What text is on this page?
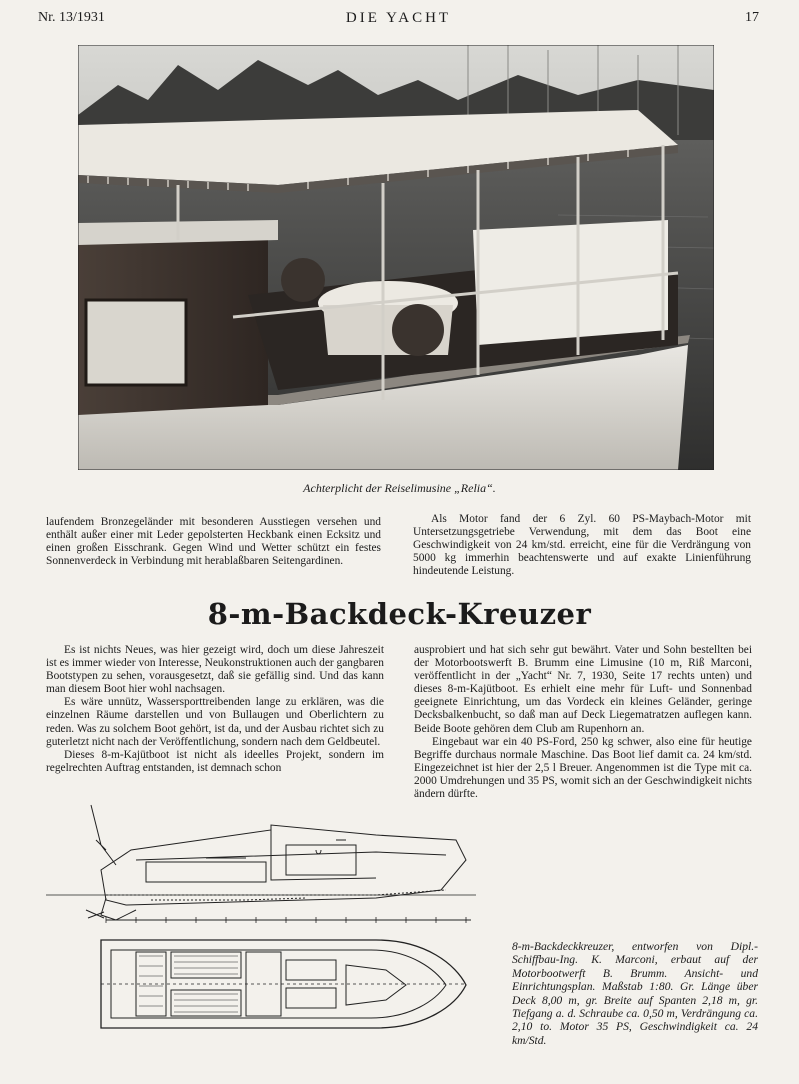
Nr. 13/1931	DIE YACHT	17
Achterplicht der Reiselimusine „Relia“.

laufendem Bronzegeländer mit besonderen Ausstiegen versehen und enthält außer einer mit Leder gepolsterten Heckbank einen Ecksitz und einen großen Eisschrank. Gegen Wind und Wetter schützt ein festes Sonnenverdeck in Verbindung mit herablaßbaren Seitengardinen.

Als Motor fand der 6 Zyl. 60 PS-Maybach-Motor mit Untersetzungsgetriebe Verwendung, mit dem das Boot eine Geschwindigkeit von 24 km/std. erreicht, eine für die Verdrängung von 5000 kg immerhin beachtenswerte und auf exakte Linienführung hindeutende Leistung.

8-m-Backdeck-Kreuzer

Es ist nichts Neues, was hier gezeigt wird, doch um diese Jahreszeit ist es immer wieder von Interesse, Neukonstruktionen auch der gangbaren Bootstypen zu sehen, vorausgesetzt, daß sie gefällig sind. Und das kann man diesem Boot hier wohl nachsagen.

Es wäre unnütz, Wassersporttreibenden lange zu erklären, was die einzelnen Räume darstellen und von Bullaugen und Oberlichtern zu reden. Was zu solchem Boot gehört, ist da, und der Ausbau richtet sich zu guterletzt nicht nach der Veröffentlichung, sondern nach dem Geldbeutel.

Dieses 8-m-Kajütboot ist nicht als ideelles Projekt, sondern im regelrechten Auftrag entstanden, ist demnach schon

ausprobiert und hat sich sehr gut bewährt. Vater und Sohn bestellten bei der Motorbootswerft B. Brumm eine Limusine (10 m, Riß Marconi, veröffentlicht in der „Yacht“ Nr. 7, 1930, Seite 17 rechts unten) und dieses 8-m-Kajütboot. Es erhielt eine mehr für Luft- und Sonnenbad geeignete Einrichtung, um das Vordeck ein kleines Geländer, geringe Decksbalkenbucht, so daß man auf Deck Liegematratzen auflegen kann. Beide Boote gehören dem Club am Rupenhorn an.

Eingebaut war ein 40 PS-Ford, 250 kg schwer, also eine für heutige Begriffe durchaus normale Maschine. Das Boot lief damit ca. 24 km/std. Eingezeichnet ist hier der 2,5 l Breuer. Angenommen ist die Type mit ca. 2000 Umdrehungen und 35 PS, womit sich an der Geschwindigkeit nichts ändern dürfte.

8-m-Backdeckkreuzer, entworfen von Dipl.-Schiffbau-Ing. K. Marconi, erbaut auf der Motorbootwerft B. Brumm. Ansicht- und Einrichtungsplan. Maßstab 1:80. Gr. Länge über Deck 8,00 m, gr. Breite auf Spanten 2,18 m, gr. Tiefgang a. d. Schraube ca. 0,50 m, Verdrängung ca. 2,10 to. Motor 35 PS, Geschwindigkeit ca. 24 km/Std.
